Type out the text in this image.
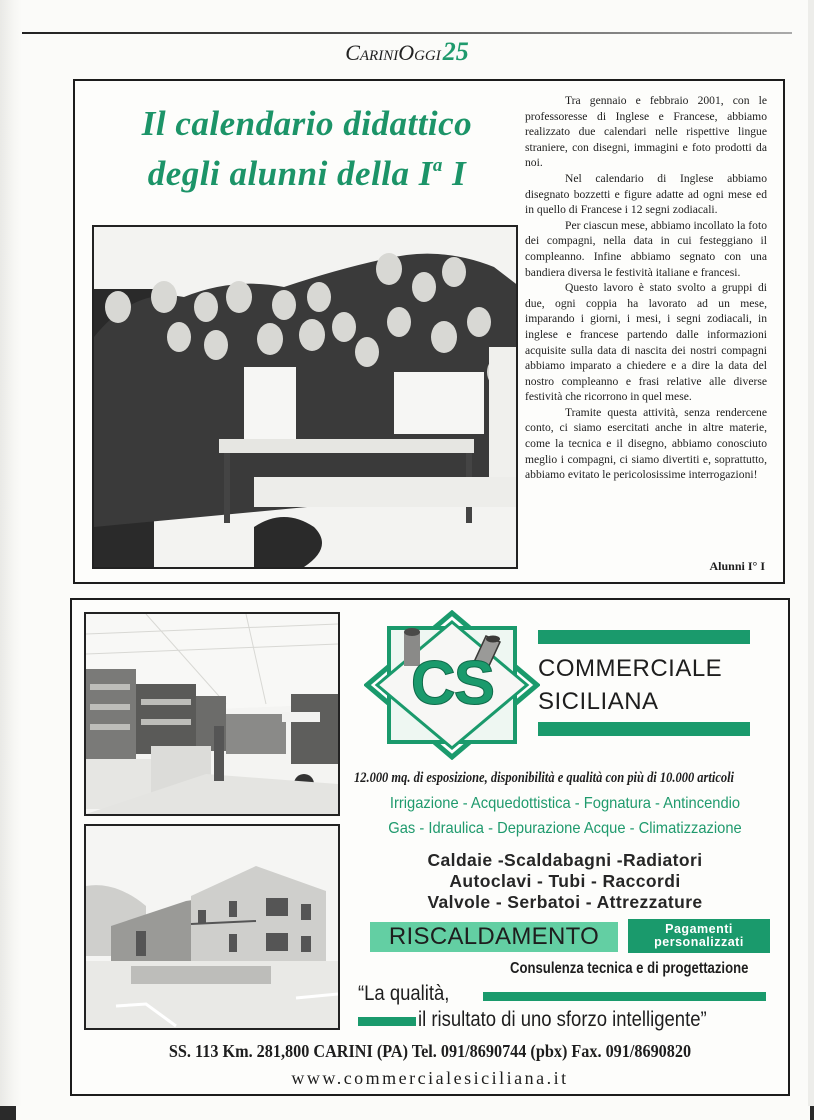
CariniOggi 25
Il calendario didattico
degli alunni della $I^a$ I

Tra gennaio e febbraio 2001, con le professoresse di Inglese e Francese, abbiamo realizzato due calendari nelle rispettive lingue straniere, con disegni, immagini e foto prodotti da noi.

Nel calendario di Inglese abbiamo disegnato bozzetti e figure adatte ad ogni mese ed in quello di Francese i 12 segni zodiacali.

Per ciascun mese, abbiamo incollato la foto dei compagni, nella data in cui festeggiano il compleanno. Infine abbiamo segnato con una bandiera diversa le festività italiane e francesi.

Questo lavoro è stato svolto a gruppi di due, ogni coppia ha lavorato ad un mese, imparando i giorni, i mesi, i segni zodiacali, in inglese e francese partendo dalle informazioni acquisite sulla data di nascita dei nostri compagni abbiamo imparato a chiedere e a dire la data del nostro compleanno e frasi relative alle diverse festività che ricorrono in quel mese.

Tramite questa attività, senza rendercene conto, ci siamo esercitati anche in altre materie, come la tecnica e il disegno, abbiamo conosciuto meglio i compagni, ci siamo divertiti e, soprattutto, abbiamo evitato le pericolosissime interrogazioni!

Alunni I° I
CS	COMMERCIALE
SICILIANA
12.000 mq. di esposizione, disponibilità e qualità con più di 10.000 articoli
Irrigazione - Acquedottistica - Fognatura - Antincendio
Gas - Idraulica - Depurazione Acque - Climatizzazione
Caldaie -Scaldabagni -Radiatori
Autoclavi - Tubi - Raccordi
Valvole - Serbatoi - Attrezzature
RISCALDAMENTO	Pagamenti
personalizzati
Consulenza tecnica e di progettazione
“La qualità,
il risultato di uno sforzo intelligente”
SS. 113 Km. 281,800 CARINI (PA) Tel. 091/8690744 (pbx) Fax. 091/8690820
www.commercialesiciliana.it
